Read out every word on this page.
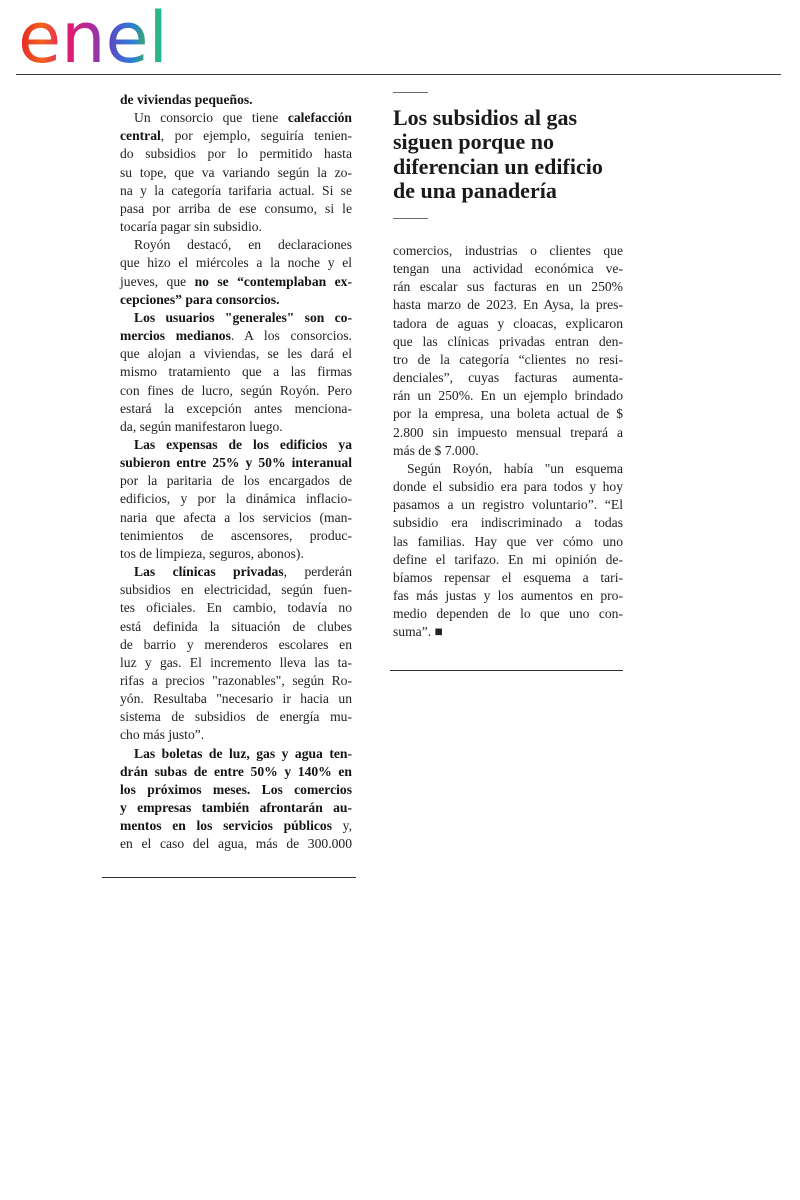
enel
de viviendas pequeños.
Un consorcio que tiene calefacción
central, por ejemplo, seguiría tenien-
do subsidios por lo permitido hasta
su tope, que va variando según la zo-
na y la categoría tarifaria actual. Si se
pasa por arriba de ese consumo, si le
tocaría pagar sin subsidio.
Royón destacó, en declaraciones
que hizo el miércoles a la noche y el
jueves, que no se “contemplaban ex-
cepciones” para consorcios.
Los usuarios "generales" son co-
mercios medianos. A los consorcios.
que alojan a viviendas, se les dará el
mismo tratamiento que a las firmas
con fines de lucro, según Royón. Pero
estará la excepción antes menciona-
da, según manifestaron luego.
Las expensas de los edificios ya
subieron entre 25% y 50% interanual
por la paritaria de los encargados de
edificios, y por la dinámica inflacio-
naria que afecta a los servicios (man-
tenimientos de ascensores, produc-
tos de limpieza, seguros, abonos).
Las clínicas privadas, perderán
subsidios en electricidad, según fuen-
tes oficiales. En cambio, todavía no
está definida la situación de clubes
de barrio y merenderos escolares en
luz y gas. El incremento lleva las ta-
rifas a precios "razonables", según Ro-
yón. Resultaba "necesario ir hacia un
sistema de subsidios de energía mu-
cho más justo”.
Las boletas de luz, gas y agua ten-
drán subas de entre 50% y 140% en
los próximos meses. Los comercios
y empresas también afrontarán au-
mentos en los servicios públicos y,
en el caso del agua, más de 300.000
Los subsidios al gas
siguen porque no
diferencian un edificio
de una panadería
comercios, industrias o clientes que
tengan una actividad económica ve-
rán escalar sus facturas en un 250%
hasta marzo de 2023. En Aysa, la pres-
tadora de aguas y cloacas, explicaron
que las clínicas privadas entran den-
tro de la categoría “clientes no resi-
denciales”, cuyas facturas aumenta-
rán un 250%. En un ejemplo brindado
por la empresa, una boleta actual de $
2.800 sin impuesto mensual trepará a
más de $ 7.000.
Según Royón, había "un esquema
donde el subsidio era para todos y hoy
pasamos a un registro voluntario”. “El
subsidio era indiscriminado a todas
las familias. Hay que ver cómo uno
define el tarifazo. En mi opinión de-
bíamos repensar el esquema a tari-
fas más justas y los aumentos en pro-
medio dependen de lo que uno con-
suma”. ■
